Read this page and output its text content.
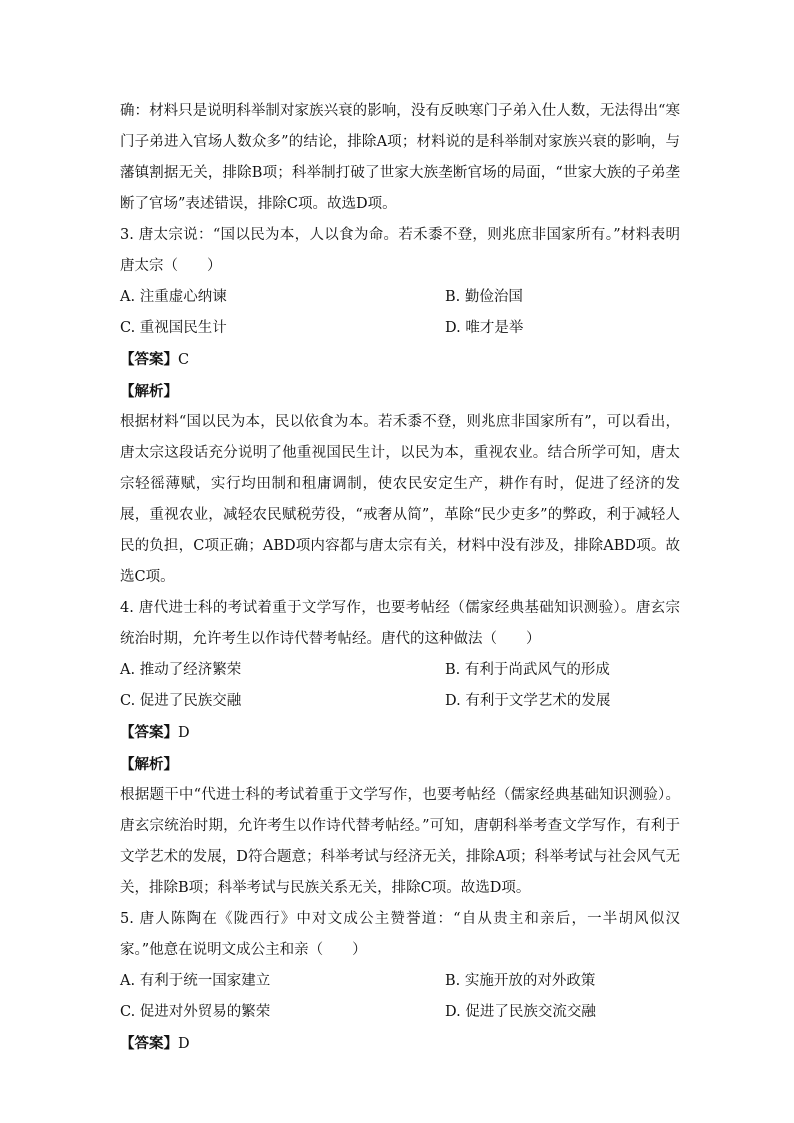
确：材料只是说明科举制对家族兴衰的影响，没有反映寒门子弟入仕人数，无法得出“寒门子弟进入官场人数众多”的结论，排除A项；材料说的是科举制对家族兴衰的影响，与藩镇割据无关，排除B项；科举制打破了世家大族垄断官场的局面，“世家大族的子弟垄断了官场”表述错误，排除C项。故选D项。

3. 唐太宗说：“国以民为本，人以食为命。若禾黍不登，则兆庶非国家所有。”材料表明唐太宗（　　）

A. 注重虚心纳谏	B. 勤俭治国
C. 重视国民生计	D. 唯才是举

【答案】C

【解析】

根据材料“国以民为本，民以依食为本。若禾黍不登，则兆庶非国家所有”，可以看出，唐太宗这段话充分说明了他重视国民生计，以民为本，重视农业。结合所学可知，唐太宗轻徭薄赋，实行均田制和租庸调制，使农民安定生产，耕作有时，促进了经济的发展，重视农业，减轻农民赋税劳役，“戒奢从简”，革除“民少吏多”的弊政，利于减轻人民的负担，C项正确；ABD项内容都与唐太宗有关，材料中没有涉及，排除ABD项。故选C项。

4. 唐代进士科的考试着重于文学写作，也要考帖经（儒家经典基础知识测验）。唐玄宗统治时期，允许考生以作诗代替考帖经。唐代的这种做法（　　）

A. 推动了经济繁荣	B. 有利于尚武风气的形成
C. 促进了民族交融	D. 有利于文学艺术的发展

【答案】D

【解析】

根据题干中“代进士科的考试着重于文学写作，也要考帖经（儒家经典基础知识测验）。唐玄宗统治时期，允许考生以作诗代替考帖经。”可知，唐朝科举考查文学写作，有利于文学艺术的发展，D符合题意；科举考试与经济无关，排除A项；科举考试与社会风气无关，排除B项；科举考试与民族关系无关，排除C项。故选D项。

5. 唐人陈陶在《陇西行》中对文成公主赞誉道：“自从贵主和亲后，一半胡风似汉家。”他意在说明文成公主和亲（　　）

A. 有利于统一国家建立	B. 实施开放的对外政策
C. 促进对外贸易的繁荣	D. 促进了民族交流交融

【答案】D
